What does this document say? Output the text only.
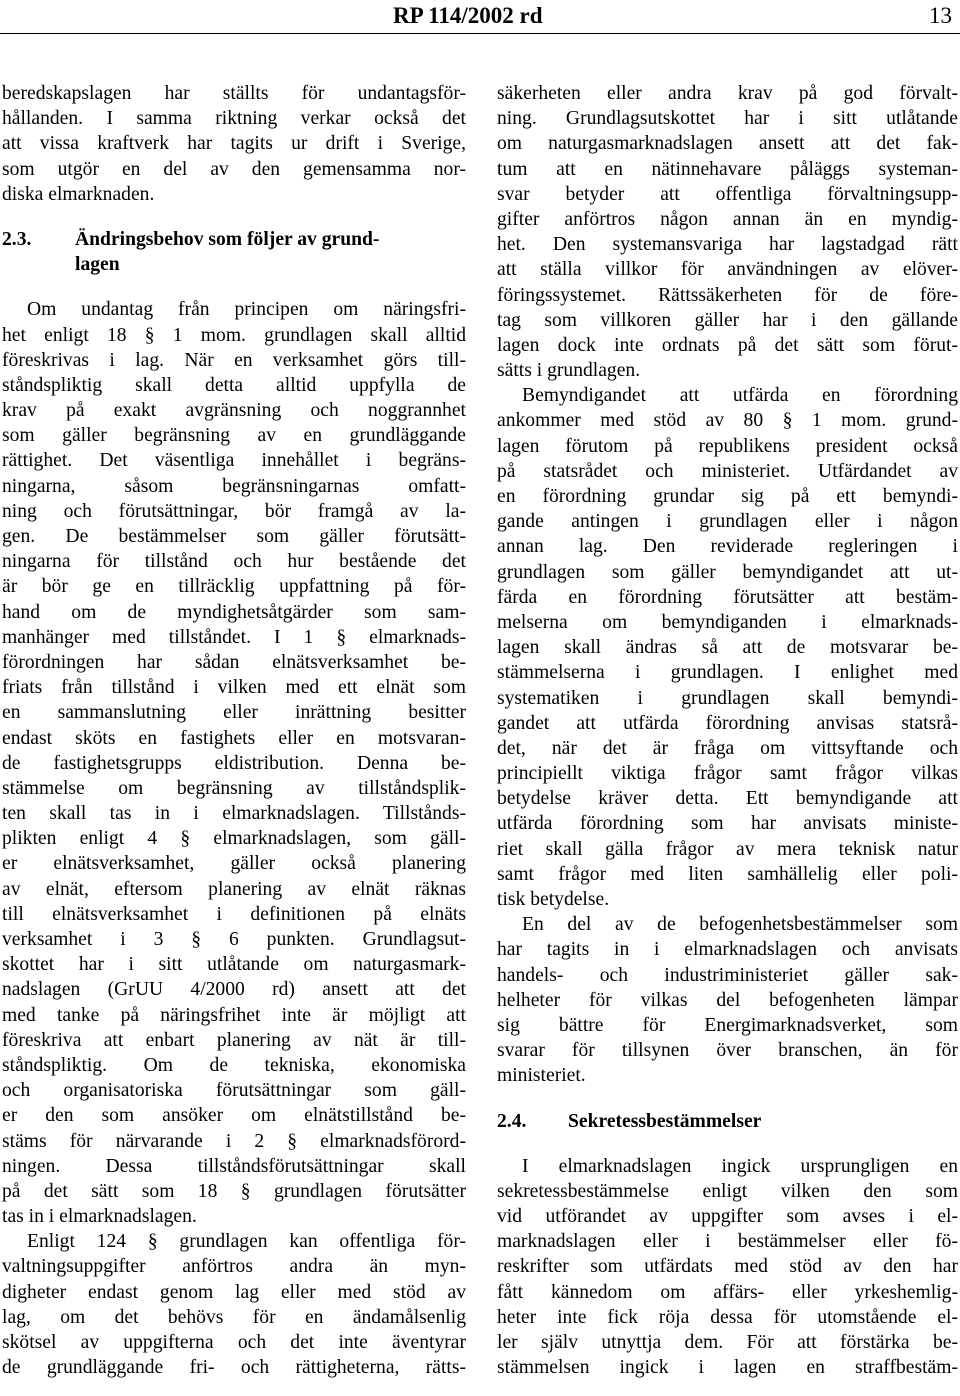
RP 114/2002 rd	13
beredskapslagen har ställts för undantagsför-
hållanden. I samma riktning verkar också det
att vissa kraftverk har tagits ur drift i Sverige,
som utgör en del av den gemensamma nor-
diska elmarknaden.
2.3. Ändringsbehov som följer av grund-
lagen
Om undantag från principen om näringsfri-
het enligt 18 § 1 mom. grundlagen skall alltid
föreskrivas i lag. När en verksamhet görs till-
ståndspliktig skall detta alltid uppfylla de
krav på exakt avgränsning och noggrannhet
som gäller begränsning av en grundläggande
rättighet. Det väsentliga innehållet i begräns-
ningarna, såsom begränsningarnas omfatt-
ning och förutsättningar, bör framgå av la-
gen. De bestämmelser som gäller förutsätt-
ningarna för tillstånd och hur bestående det
är bör ge en tillräcklig uppfattning på för-
hand om de myndighetsåtgärder som sam-
manhänger med tillståndet. I 1 § elmarknads-
förordningen har sådan elnätsverksamhet be-
friats från tillstånd i vilken med ett elnät som
en sammanslutning eller inrättning besitter
endast sköts en fastighets eller en motsvaran-
de fastighetsgrupps eldistribution. Denna be-
stämmelse om begränsning av tillståndsplik-
ten skall tas in i elmarknadslagen. Tillstånds-
plikten enligt 4 § elmarknadslagen, som gäll-
er elnätsverksamhet, gäller också planering
av elnät, eftersom planering av elnät räknas
till elnätsverksamhet i definitionen på elnäts
verksamhet i 3 § 6 punkten. Grundlagsut-
skottet har i sitt utlåtande om naturgasmark-
nadslagen (GrUU 4/2000 rd) ansett att det
med tanke på näringsfrihet inte är möjligt att
föreskriva att enbart planering av nät är till-
ståndspliktig. Om de tekniska, ekonomiska
och organisatoriska förutsättningar som gäll-
er den som ansöker om elnätstillstånd be-
stäms för närvarande i 2 § elmarknadsförord-
ningen. Dessa tillståndsförutsättningar skall
på det sätt som 18 § grundlagen förutsätter
tas in i elmarknadslagen.
Enligt 124 § grundlagen kan offentliga för-
valtningsuppgifter anförtros andra än myn-
digheter endast genom lag eller med stöd av
lag, om det behövs för en ändamålsenlig
skötsel av uppgifterna och det inte äventyrar
de grundläggande fri- och rättigheterna, rätts-
säkerheten eller andra krav på god förvalt-
ning. Grundlagsutskottet har i sitt utlåtande
om naturgasmarknadslagen ansett att det fak-
tum att en nätinnehavare påläggs systeman-
svar betyder att offentliga förvaltningsupp-
gifter anförtros någon annan än en myndig-
het. Den systemansvariga har lagstadgad rätt
att ställa villkor för användningen av elöver-
föringssystemet. Rättssäkerheten för de före-
tag som villkoren gäller har i den gällande
lagen dock inte ordnats på det sätt som förut-
sätts i grundlagen.
Bemyndigandet att utfärda en förordning
ankommer med stöd av 80 § 1 mom. grund-
lagen förutom på republikens president också
på statsrådet och ministeriet. Utfärdandet av
en förordning grundar sig på ett bemyndi-
gande antingen i grundlagen eller i någon
annan lag. Den reviderade regleringen i
grundlagen som gäller bemyndigandet att ut-
färda en förordning förutsätter att bestäm-
melserna om bemyndiganden i elmarknads-
lagen skall ändras så att de motsvarar be-
stämmelserna i grundlagen. I enlighet med
systematiken i grundlagen skall bemyndi-
gandet att utfärda förordning anvisas statsrå-
det, när det är fråga om vittsyftande och
principiellt viktiga frågor samt frågor vilkas
betydelse kräver detta. Ett bemyndigande att
utfärda förordning som har anvisats ministe-
riet skall gälla frågor av mera teknisk natur
samt frågor med liten samhällelig eller poli-
tisk betydelse.
En del av de befogenhetsbestämmelser som
har tagits in i elmarknadslagen och anvisats
handels- och industriministeriet gäller sak-
helheter för vilkas del befogenheten lämpar
sig bättre för Energimarknadsverket, som
svarar för tillsynen över branschen, än för
ministeriet.
2.4. Sekretessbestämmelser
I elmarknadslagen ingick ursprungligen en
sekretessbestämmelse enligt vilken den som
vid utförandet av uppgifter som avses i el-
marknadslagen eller i bestämmelser eller fö-
reskrifter som utfärdats med stöd av den har
fått kännedom om affärs- eller yrkeshemlig-
heter inte fick röja dessa för utomstående el-
ler själv utnyttja dem. För att förstärka be-
stämmelsen ingick i lagen en straffbestäm-
